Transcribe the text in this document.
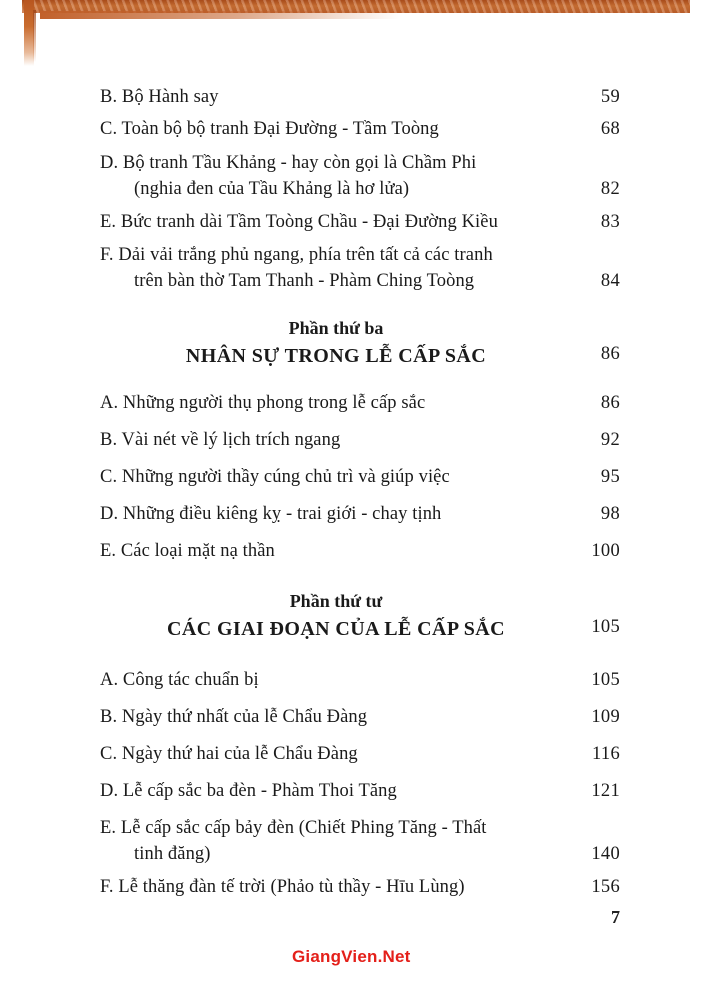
B. Bộ Hành say	59
C. Toàn bộ bộ tranh Đại Đường - Tầm Toòng	68
D. Bộ tranh Tầu Khảng - hay còn gọi là Chầm Phi
(nghia đen của Tầu Khảng là hơ lửa)	82
E. Bức tranh dài Tầm Toòng Chầu - Đại Đường Kiều	83
F. Dải vải trắng phủ ngang, phía trên tất cả các tranh
trên bàn thờ Tam Thanh - Phàm Ching Toòng	84
A. Những người thụ phong trong lễ cấp sắc	86
B. Vài nét về lý lịch trích ngang	92
C. Những người thầy cúng chủ trì và giúp việc	95
D. Những điều kiêng kỵ - trai giới - chay tịnh	98
E. Các loại mặt nạ thần	100
A. Công tác chuẩn bị	105
B. Ngày thứ nhất của lễ Chẩu Đàng	109
C. Ngày thứ hai của lễ Chẩu Đàng	116
D. Lễ cấp sắc ba đèn - Phàm Thoi Tăng	121
E. Lễ cấp sắc cấp bảy đèn (Chiết Phing Tăng - Thất
tinh đăng)	140
F. Lễ thăng đàn tế trời (Phảo tù thầy - Hīu Lùng)	156
Phần thứ ba
NHÂN SỰ TRONG LỄ CẤP SẮC	86
Phần thứ tư
CÁC GIAI ĐOẠN CỦA LỄ CẤP SẮC	105
7
GiangVien.Net
